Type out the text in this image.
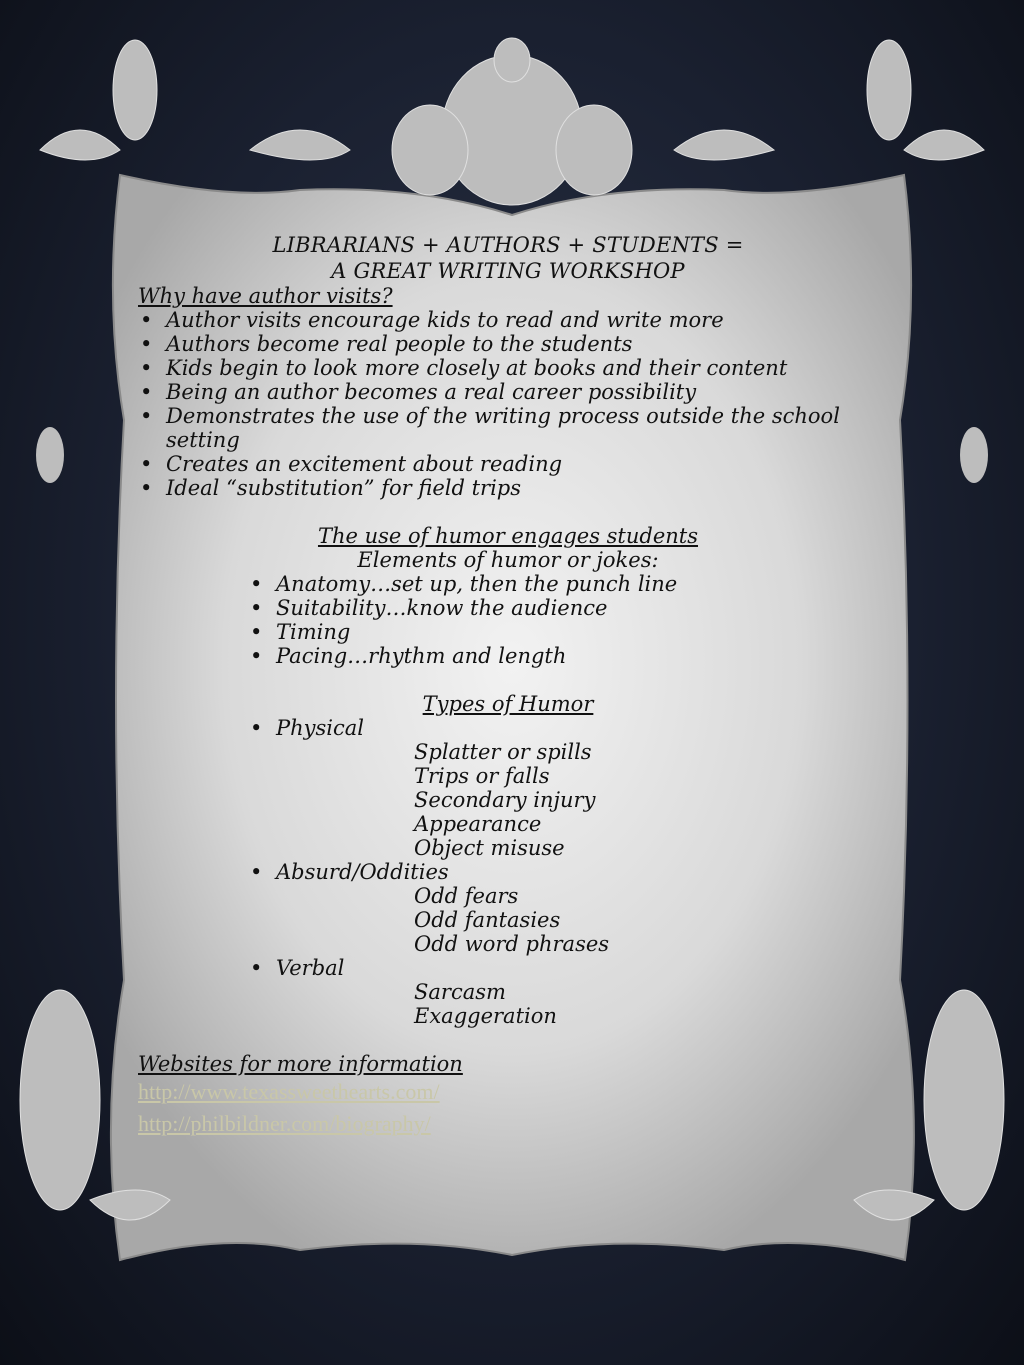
LIBRARIANS + AUTHORS + STUDENTS =
A GREAT WRITING WORKSHOP
Why have author visits?
• Author visits encourage kids to read and write more
• Authors become real people to the students
• Kids begin to look more closely at books and their content
• Being an author becomes a real career possibility
• Demonstrates the use of the writing process outside the school setting
• Creates an excitement about reading
• Ideal “substitution” for field trips
The use of humor engages students
Elements of humor or jokes:
• Anatomy…set up, then the punch line
• Suitability…know the audience
• Timing
• Pacing…rhythm and length
Types of Humor
• Physical
Splatter or spills
Trips or falls
Secondary injury
Appearance
Object misuse
• Absurd/Oddities
Odd fears
Odd fantasies
Odd word phrases
• Verbal
Sarcasm
Exaggeration
Websites for more information
http://www.texassweethearts.com/
http://philbildner.com/biography/
